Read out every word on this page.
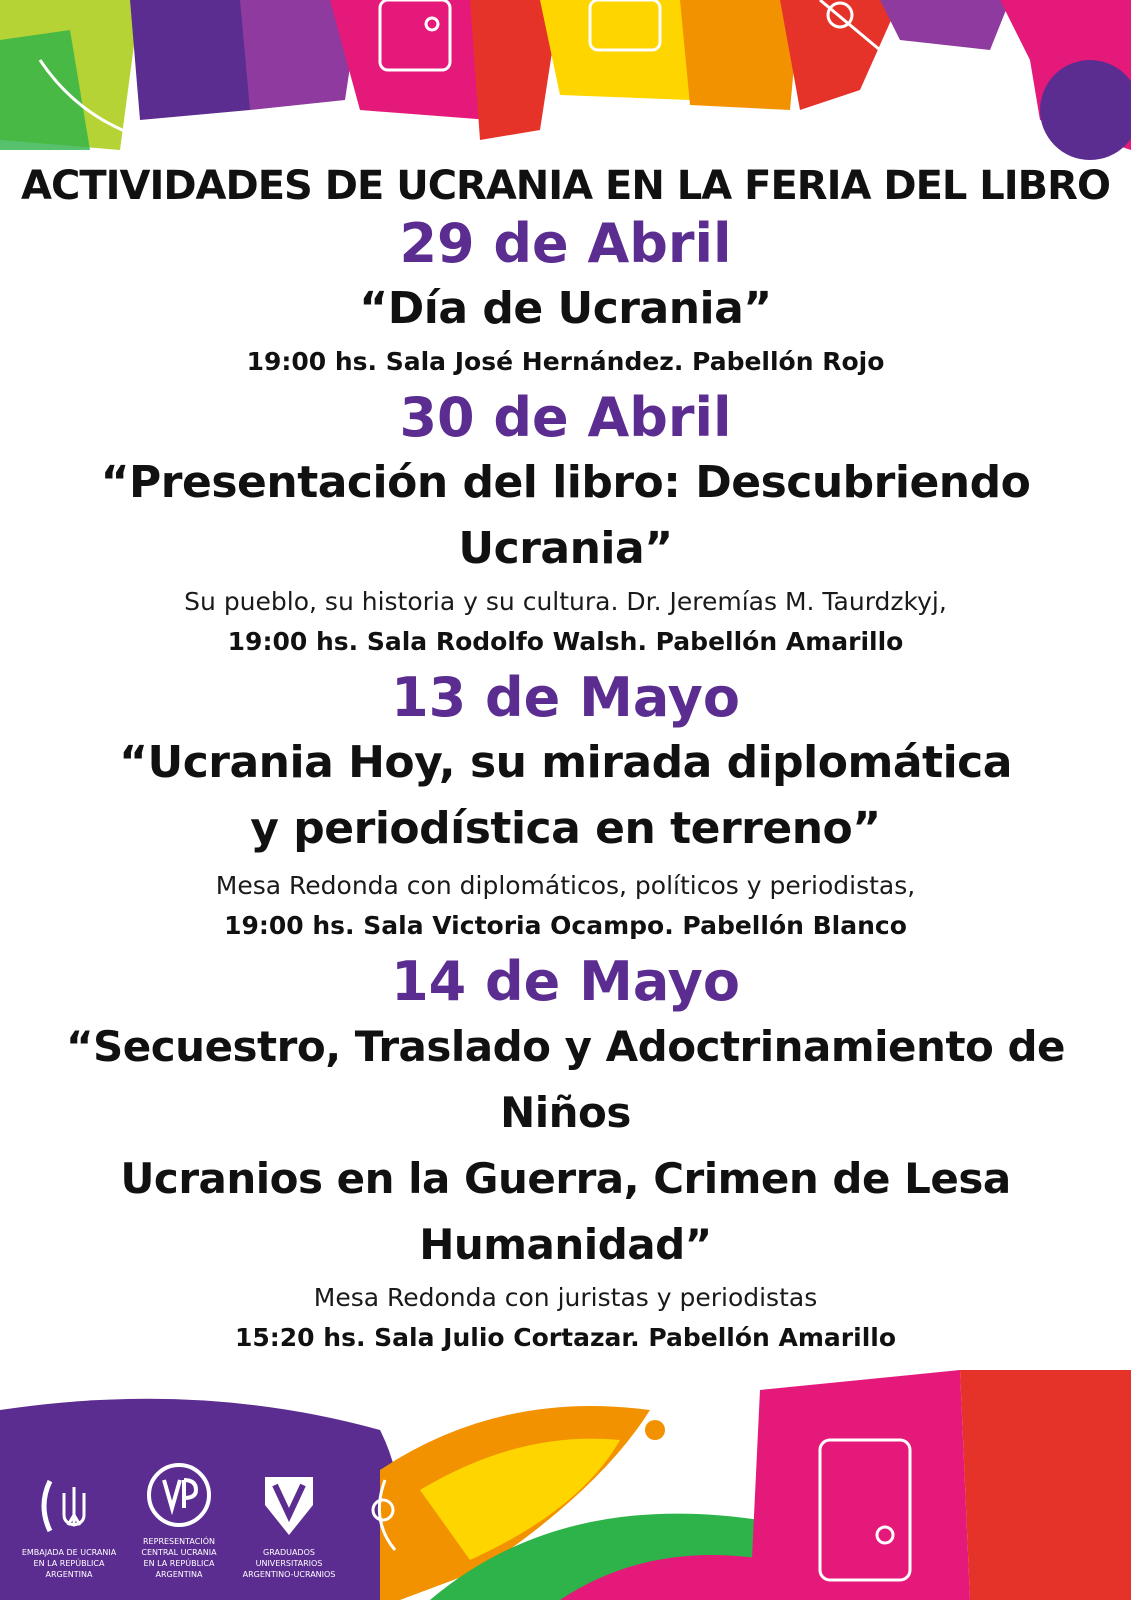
ACTIVIDADES DE UCRANIA EN LA FERIA DEL LIBRO

29 de Abril

“Día de Ucrania”

19:00 hs. Sala José Hernández. Pabellón Rojo

30 de Abril

“Presentación del libro: Descubriendo Ucrania”

Su pueblo, su historia y su cultura. Dr. Jeremías M. Taurdzkyj,

19:00 hs. Sala Rodolfo Walsh. Pabellón Amarillo

13 de Mayo

“Ucrania Hoy, su mirada diplomática

y periodística en terreno”

Mesa Redonda con diplomáticos, políticos y periodistas,

19:00 hs. Sala Victoria Ocampo. Pabellón Blanco

14 de Mayo

“Secuestro, Traslado y Adoctrinamiento de Niños

Ucranios en la Guerra, Crimen de Lesa

Humanidad”

Mesa Redonda con juristas y periodistas

15:20 hs. Sala Julio Cortazar. Pabellón Amarillo

EMBAJADA DE UCRANIA
EN LA REPÚBLICA ARGENTINA
REPRESENTACIÓN CENTRAL UCRANIA
EN LA REPÚBLICA ARGENTINA
GRADUADOS
UNIVERSITARIOS
ARGENTINO-UCRANIOS
